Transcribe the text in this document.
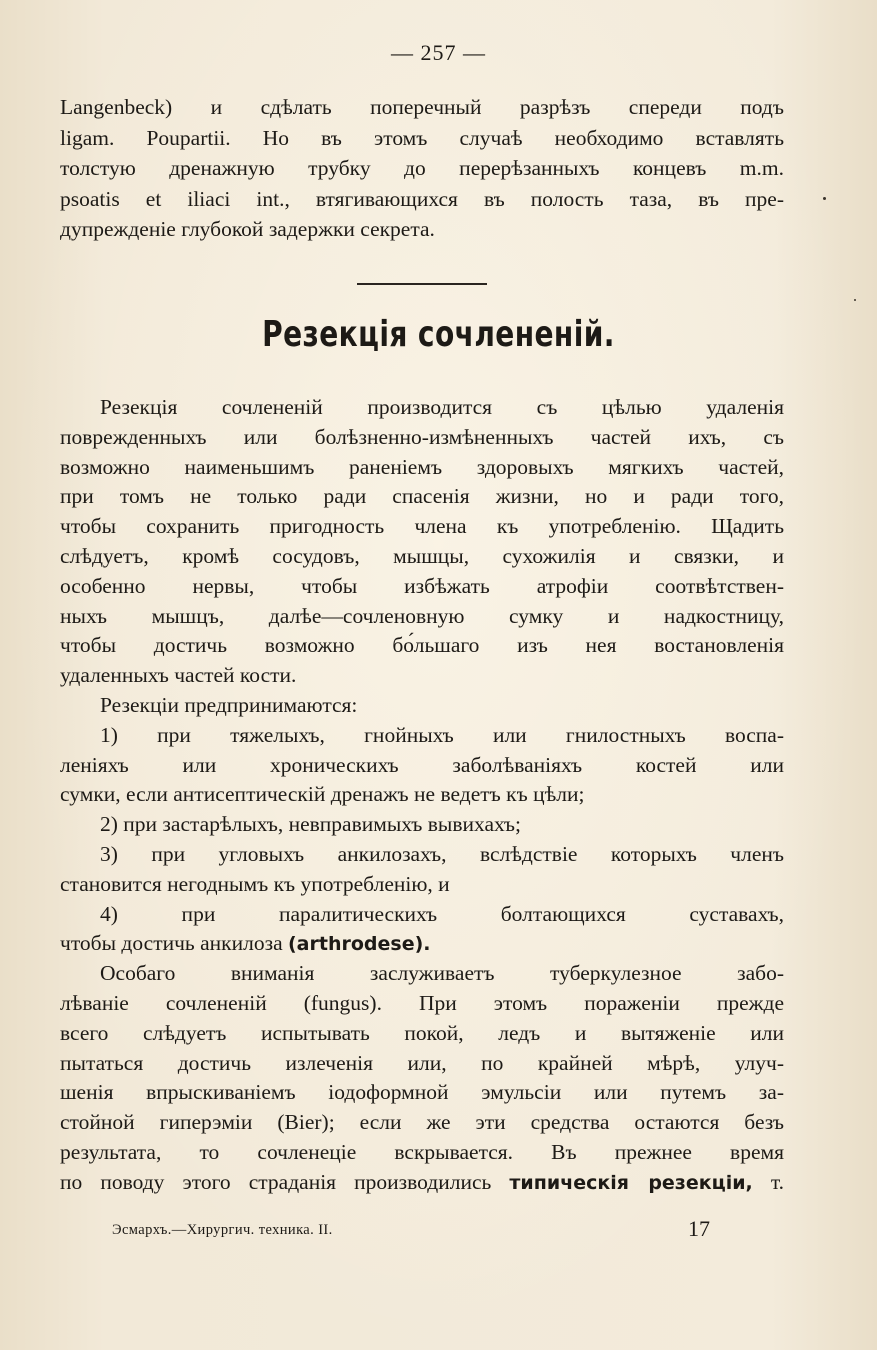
— 257 —
Langenbeck) и сдѣлать поперечный разрѣзъ спереди подъ
ligam. Poupartii. Но въ этомъ случаѣ необходимо вставлять
толстую дренажную трубку до перерѣзанныхъ концевъ m.m.
psoatis et iliaci int., втягивающихся въ полость таза, въ пре-
дупрежденіе глубокой задержки секрета.
Резекція сочлененій.
Резекція сочлененій производится съ цѣлью удаленія
поврежденныхъ или болѣзненно-измѣненныхъ частей ихъ, съ
возможно наименьшимъ раненіемъ здоровыхъ мягкихъ частей,
при томъ не только ради спасенія жизни, но и ради того,
чтобы сохранить пригодность члена къ употребленію. Щадить
слѣдуетъ, кромѣ сосудовъ, мышцы, сухожилія и связки, и
особенно нервы, чтобы избѣжать атрофіи соотвѣтствен-
ныхъ мышцъ, далѣе—сочленовную сумку и надкостницу,
чтобы достичь возможно бо́льшаго изъ нея востановленія
удаленныхъ частей кости.
Резекціи предпринимаются:
1) при тяжелыхъ, гнойныхъ или гнилостныхъ воспа-
леніяхъ или хроническихъ заболѣваніяхъ костей или
сумки, если антисептическій дренажъ не ведетъ къ цѣли;
2) при застарѣлыхъ, невправимыхъ вывихахъ;
3) при угловыхъ анкилозахъ, вслѣдствіе которыхъ членъ
становится негоднымъ къ употребленію, и
4) при паралитическихъ болтающихся суставахъ,
чтобы достичь анкилоза (arthrodese).
Особаго вниманія заслуживаетъ туберкулезное забо-
лѣваніе сочлененій (fungus). При этомъ пораженіи прежде
всего слѣдуетъ испытывать покой, ледъ и вытяженіе или
пытаться достичь излеченія или, по крайней мѣрѣ, улуч-
шенія впрыскиваніемъ іодоформной эмульсіи или путемъ за-
стойной гиперэміи (Bier); если же эти средства остаются безъ
результата, то сочленеціе вскрывается. Въ прежнее время
по поводу этого страданія производились типическія резекціи, т.
Эсмархъ.—Хирургич. техника. II.	17
